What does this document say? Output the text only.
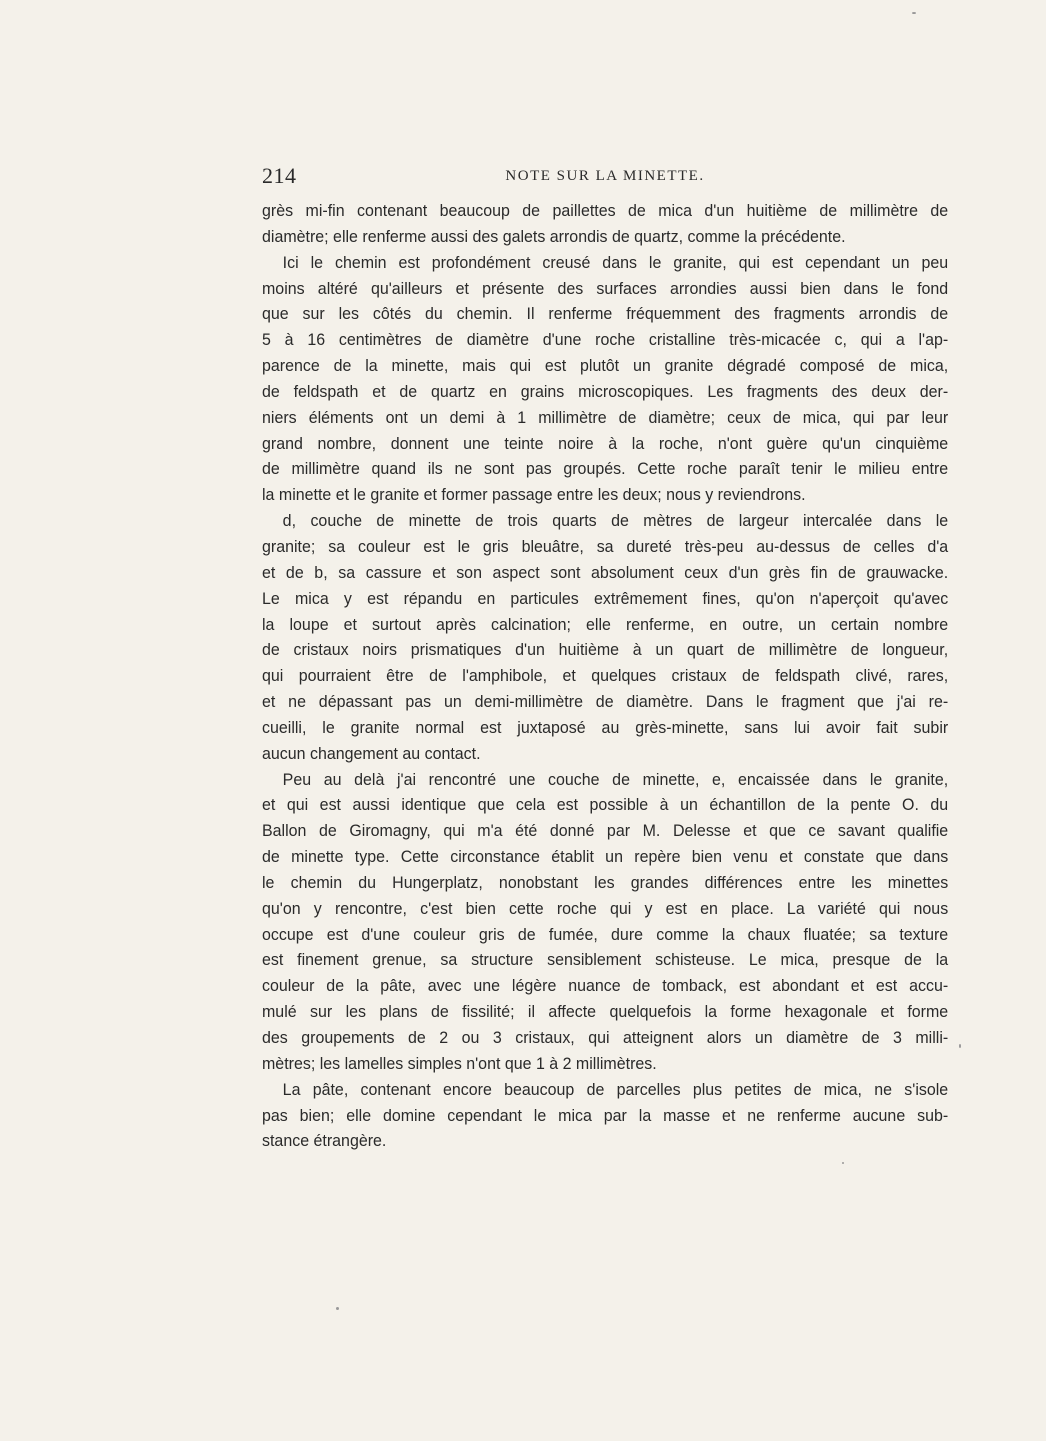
214	NOTE SUR LA MINETTE.
grès mi-fin contenant beaucoup de paillettes de mica d'un huitième de millimètre de
diamètre; elle renferme aussi des galets arrondis de quartz, comme la précédente.
Ici le chemin est profondément creusé dans le granite, qui est cependant un peu
moins altéré qu'ailleurs et présente des surfaces arrondies aussi bien dans le fond
que sur les côtés du chemin. Il renferme fréquemment des fragments arrondis de
5 à 16 centimètres de diamètre d'une roche cristalline très-micacée c, qui a l'ap-
parence de la minette, mais qui est plutôt un granite dégradé composé de mica,
de feldspath et de quartz en grains microscopiques. Les fragments des deux der-
niers éléments ont un demi à 1 millimètre de diamètre; ceux de mica, qui par leur
grand nombre, donnent une teinte noire à la roche, n'ont guère qu'un cinquième
de millimètre quand ils ne sont pas groupés. Cette roche paraît tenir le milieu entre
la minette et le granite et former passage entre les deux; nous y reviendrons.
d, couche de minette de trois quarts de mètres de largeur intercalée dans le
granite; sa couleur est le gris bleuâtre, sa dureté très-peu au-dessus de celles d'a
et de b, sa cassure et son aspect sont absolument ceux d'un grès fin de grauwacke.
Le mica y est répandu en particules extrêmement fines, qu'on n'aperçoit qu'avec
la loupe et surtout après calcination; elle renferme, en outre, un certain nombre
de cristaux noirs prismatiques d'un huitième à un quart de millimètre de longueur,
qui pourraient être de l'amphibole, et quelques cristaux de feldspath clivé, rares,
et ne dépassant pas un demi-millimètre de diamètre. Dans le fragment que j'ai re-
cueilli, le granite normal est juxtaposé au grès-minette, sans lui avoir fait subir
aucun changement au contact.
Peu au delà j'ai rencontré une couche de minette, e, encaissée dans le granite,
et qui est aussi identique que cela est possible à un échantillon de la pente O. du
Ballon de Giromagny, qui m'a été donné par M. Delesse et que ce savant qualifie
de minette type. Cette circonstance établit un repère bien venu et constate que dans
le chemin du Hungerplatz, nonobstant les grandes différences entre les minettes
qu'on y rencontre, c'est bien cette roche qui y est en place. La variété qui nous
occupe est d'une couleur gris de fumée, dure comme la chaux fluatée; sa texture
est finement grenue, sa structure sensiblement schisteuse. Le mica, presque de la
couleur de la pâte, avec une légère nuance de tomback, est abondant et est accu-
mulé sur les plans de fissilité; il affecte quelquefois la forme hexagonale et forme
des groupements de 2 ou 3 cristaux, qui atteignent alors un diamètre de 3 milli-
mètres; les lamelles simples n'ont que 1 à 2 millimètres.
La pâte, contenant encore beaucoup de parcelles plus petites de mica, ne s'isole
pas bien; elle domine cependant le mica par la masse et ne renferme aucune sub-
stance étrangère.
